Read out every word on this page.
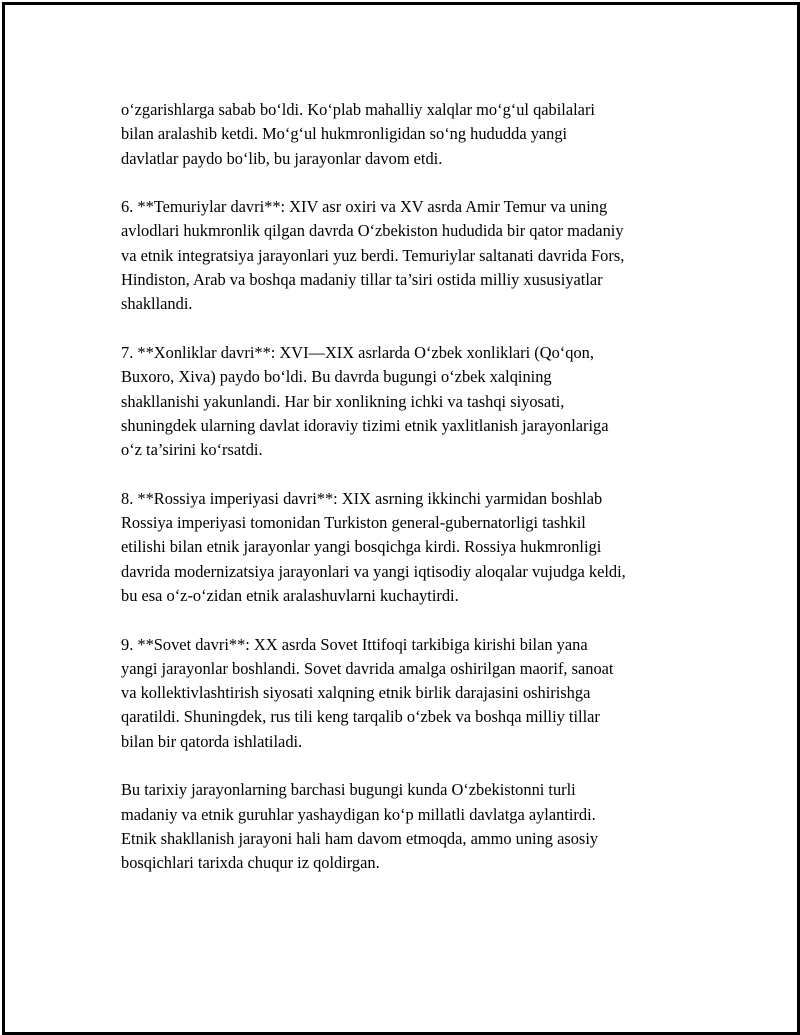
o‘zgarishlarga sabab bo‘ldi. Ko‘plab mahalliy xalqlar mo‘g‘ul qabilalari

bilan aralashib ketdi. Mo‘g‘ul hukmronligidan so‘ng hududda yangi

davlatlar paydo bo‘lib, bu jarayonlar davom etdi.

6. **Temuriylar davri**: XIV asr oxiri va XV asrda Amir Temur va uning

avlodlari hukmronlik qilgan davrda O‘zbekiston hududida bir qator madaniy

va etnik integratsiya jarayonlari yuz berdi. Temuriylar saltanati davrida Fors,

Hindiston, Arab va boshqa madaniy tillar ta’siri ostida milliy xususiyatlar

shakllandi.

7. **Xonliklar davri**: XVI—XIX asrlarda O‘zbek xonliklari (Qo‘qon,

Buxoro, Xiva) paydo bo‘ldi. Bu davrda bugungi o‘zbek xalqining

shakllanishi yakunlandi. Har bir xonlikning ichki va tashqi siyosati,

shuningdek ularning davlat idoraviy tizimi etnik yaxlitlanish jarayonlariga

o‘z ta’sirini ko‘rsatdi.

8. **Rossiya imperiyasi davri**: XIX asrning ikkinchi yarmidan boshlab

Rossiya imperiyasi tomonidan Turkiston general-gubernatorligi tashkil

etilishi bilan etnik jarayonlar yangi bosqichga kirdi. Rossiya hukmronligi

davrida modernizatsiya jarayonlari va yangi iqtisodiy aloqalar vujudga keldi,

bu esa o‘z-o‘zidan etnik aralashuvlarni kuchaytirdi.

9. **Sovet davri**: XX asrda Sovet Ittifoqi tarkibiga kirishi bilan yana

yangi jarayonlar boshlandi. Sovet davrida amalga oshirilgan maorif, sanoat

va kollektivlashtirish siyosati xalqning etnik birlik darajasini oshirishga

qaratildi. Shuningdek, rus tili keng tarqalib o‘zbek va boshqa milliy tillar

bilan bir qatorda ishlatiladi.

Bu tarixiy jarayonlarning barchasi bugungi kunda O‘zbekistonni turli

madaniy va etnik guruhlar yashaydigan ko‘p millatli davlatga aylantirdi.

Etnik shakllanish jarayoni hali ham davom etmoqda, ammo uning asosiy

bosqichlari tarixda chuqur iz qoldirgan.
